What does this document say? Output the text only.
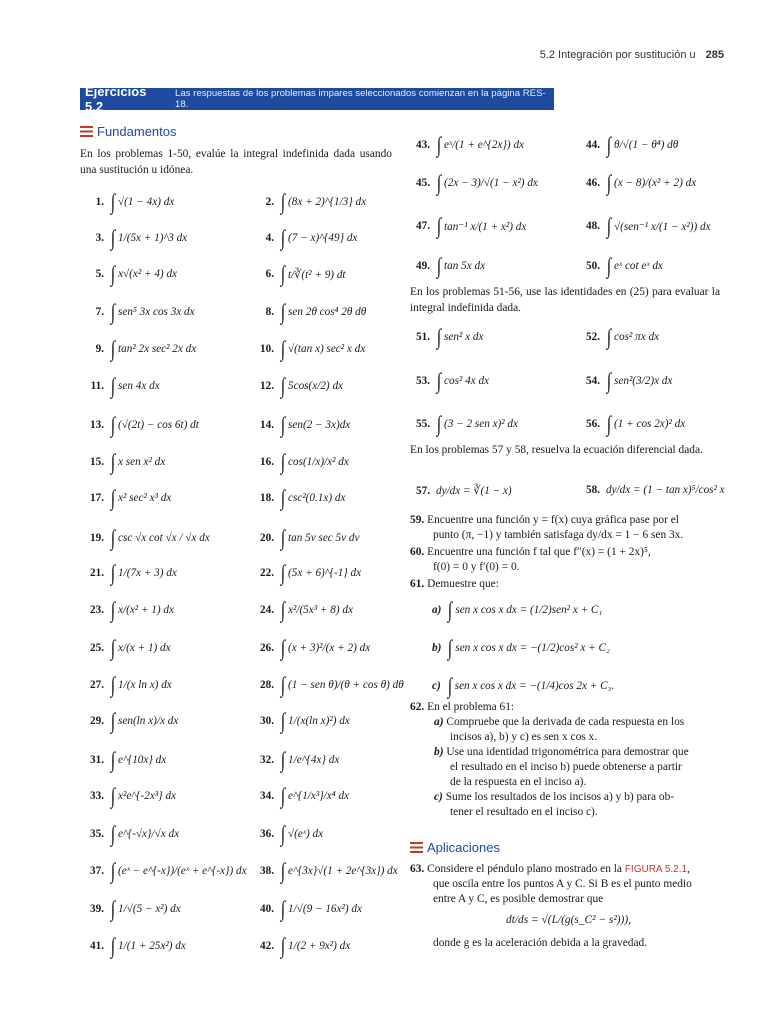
5.2 Integración por sustitución u 285
Ejercicios 5.2
Las respuestas de los problemas impares seleccionados comienzan en la página RES-18.
Fundamentos
En los problemas 1-50, evalúe la integral indefinida dada usando una sustitución u idónea.
1. ∫ √(1 − 4x) dx	2. ∫ (8x + 2)^{1/3} dx
3. ∫ 1/(5x + 1)^3 dx	4. ∫ (7 − x)^{49} dx
5. ∫ x√(x² + 4) dx	6. ∫ t/∛(t² + 9) dt
7. ∫ sen⁵ 3x cos 3x dx	8. ∫ sen 2θ cos⁴ 2θ dθ
9. ∫ tan² 2x sec² 2x dx	10. ∫ √(tan x) sec² x dx
11. ∫ sen 4x dx	12. ∫ 5cos(x/2) dx
13. ∫ (√(2t) − cos 6t) dt	14. ∫ sen(2 − 3x)dx
15. ∫ x sen x² dx	16. ∫ cos(1/x)/x² dx
17. ∫ x² sec² x³ dx	18. ∫ csc²(0.1x) dx
19. ∫ csc √x cot √x / √x dx	20. ∫ tan 5v sec 5v dv
21. ∫ 1/(7x + 3) dx	22. ∫ (5x + 6)^{-1} dx
23. ∫ x/(x² + 1) dx	24. ∫ x²/(5x³ + 8) dx
25. ∫ x/(x + 1) dx	26. ∫ (x + 3)²/(x + 2) dx
27. ∫ 1/(x ln x) dx	28. ∫ (1 − sen θ)/(θ + cos θ) dθ
29. ∫ sen(ln x)/x dx	30. ∫ 1/(x(ln x)²) dx
31. ∫ e^{10x} dx	32. ∫ 1/e^{4x} dx
33. ∫ x²e^{-2x³} dx	34. ∫ e^{1/x³}/x⁴ dx
35. ∫ e^{-√x}/√x dx	36. ∫ √(eˣ) dx
37. ∫ (eˣ − e^{-x})/(eˣ + e^{-x}) dx	38. ∫ e^{3x}√(1 + 2e^{3x}) dx
39. ∫ 1/√(5 − x²) dx	40. ∫ 1/√(9 − 16x²) dx
41. ∫ 1/(1 + 25x²) dx	42. ∫ 1/(2 + 9x²) dx
43. ∫ eˣ/(1 + e^{2x}) dx	44. ∫ θ/√(1 − θ⁴) dθ
45. ∫ (2x − 3)/√(1 − x²) dx	46. ∫ (x − 8)/(x² + 2) dx
47. ∫ tan⁻¹ x/(1 + x²) dx	48. ∫ √(sen⁻¹ x/(1 − x²)) dx
49. ∫ tan 5x dx	50. ∫ eˣ cot eˣ dx
En los problemas 51-56, use las identidades en (25) para evaluar la integral indefinida dada.
51. ∫ sen² x dx	52. ∫ cos² πx dx
53. ∫ cos² 4x dx	54. ∫ sen²(3/2)x dx
55. ∫ (3 − 2 sen x)² dx	56. ∫ (1 + cos 2x)² dx
En los problemas 57 y 58, resuelva la ecuación diferencial dada.
57. dy/dx = ∛(1 − x)	58. dy/dx = (1 − tan x)⁵/cos² x
59. Encuentre una función y = f(x) cuya gráfica pase por el
punto (π, −1) y también satisfaga dy/dx = 1 − 6 sen 3x.
60. Encuentre una función f tal que f″(x) = (1 + 2x)⁵,
f(0) = 0 y f′(0) = 0.
61. Demuestre que:
a) ∫ sen x cos x dx = (1/2)sen² x + C₁
b) ∫ sen x cos x dx = −(1/2)cos² x + C₂
c) ∫ sen x cos x dx = −(1/4)cos 2x + C₃.
62. En el problema 61:
a)
Compruebe que la derivada de cada respuesta en los
incisos a), b) y c) es sen x cos x.
b)
Use una identidad trigonométrica para demostrar que
el resultado en el inciso b) puede obtenerse a partir
de la respuesta en el inciso a).
c)
Sume los resultados de los incisos a) y b) para ob-
tener el resultado en el inciso c).
Aplicaciones
63. Considere el péndulo plano mostrado en la FIGURA 5.2.1,
que oscila entre los puntos A y C. Si B es el punto medio
entre A y C, es posible demostrar que
dt/ds = √(L/(g(s_C² − s²))),
donde g es la aceleración debida a la gravedad.
